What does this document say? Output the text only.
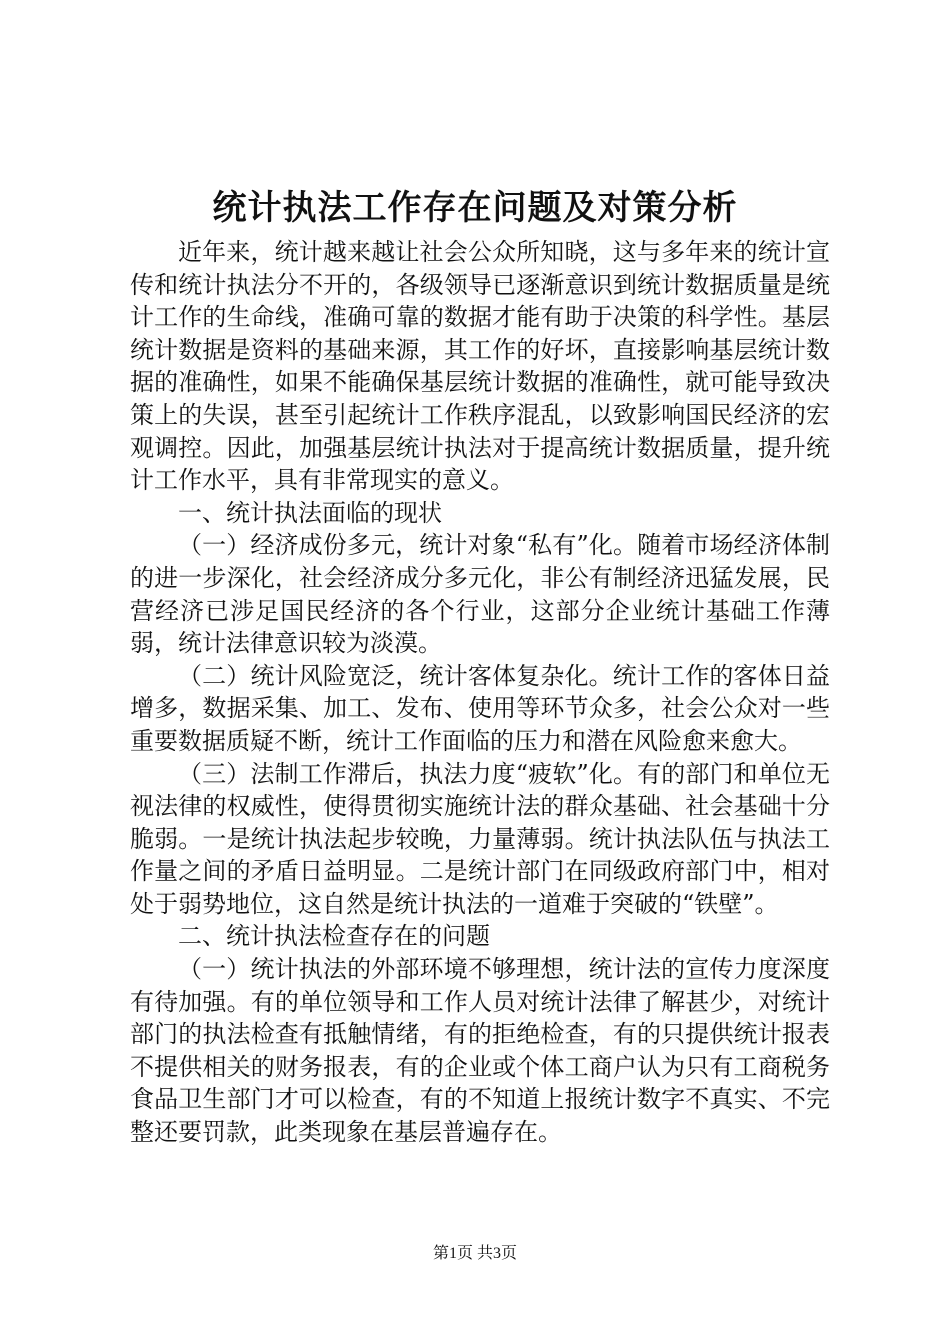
统计执法工作存在问题及对策分析

近年来，统计越来越让社会公众所知晓，这与多年来的统计宣传和统计执法分不开的，各级领导已逐渐意识到统计数据质量是统计工作的生命线，准确可靠的数据才能有助于决策的科学性。基层统计数据是资料的基础来源，其工作的好坏，直接影响基层统计数据的准确性，如果不能确保基层统计数据的准确性，就可能导致决策上的失误，甚至引起统计工作秩序混乱，以致影响国民经济的宏观调控。因此，加强基层统计执法对于提高统计数据质量，提升统计工作水平，具有非常现实的意义。

一、统计执法面临的现状

（一）经济成份多元，统计对象“私有”化。随着市场经济体制的进一步深化，社会经济成分多元化，非公有制经济迅猛发展，民营经济已涉足国民经济的各个行业，这部分企业统计基础工作薄弱，统计法律意识较为淡漠。

（二）统计风险宽泛，统计客体复杂化。统计工作的客体日益增多，数据采集、加工、发布、使用等环节众多，社会公众对一些重要数据质疑不断，统计工作面临的压力和潜在风险愈来愈大。

（三）法制工作滞后，执法力度“疲软”化。有的部门和单位无视法律的权威性，使得贯彻实施统计法的群众基础、社会基础十分脆弱。一是统计执法起步较晚，力量薄弱。统计执法队伍与执法工作量之间的矛盾日益明显。二是统计部门在同级政府部门中，相对处于弱势地位，这自然是统计执法的一道难于突破的“铁壁”。

二、统计执法检查存在的问题

（一）统计执法的外部环境不够理想，统计法的宣传力度深度有待加强。有的单位领导和工作人员对统计法律了解甚少，对统计部门的执法检查有抵触情绪，有的拒绝检查，有的只提供统计报表不提供相关的财务报表，有的企业或个体工商户认为只有工商税务食品卫生部门才可以检查，有的不知道上报统计数字不真实、不完整还要罚款，此类现象在基层普遍存在。

第1页 共3页
